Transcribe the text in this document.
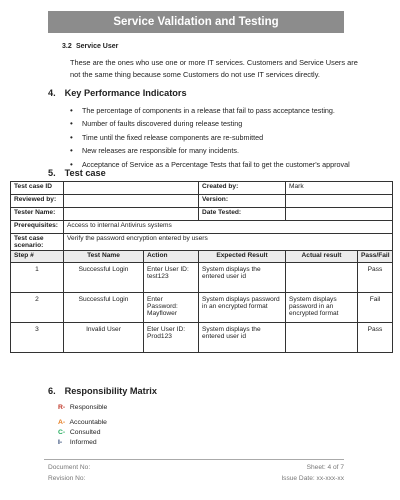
Service Validation and Testing
3.2 Service User
These are the ones who use one or more IT services. Customers and Service Users are not the same thing because some Customers do not use IT services directly.
4. Key Performance Indicators
• The percentage of components in a release that fail to pass acceptance testing.
• Number of faults discovered during release testing
• Time until the fixed release components are re-submitted
• New releases are responsible for many incidents.
• Acceptance of Service as a Percentage Tests that fail to get the customer's approval
5. Test case
Test case ID			Created by:	Mark	
Reviewed by:			Version:		
Tester Name:			Date Tested:		
Prerequisites:	Access to internal Antivirus systems				
Test case scenario:	Verify the password encryption entered by users				
Step #	Test Name	Action	Expected Result	Actual result	Pass/Fail
1	Successful Login	Enter User ID: test123	System displays the entered user id		Pass
2	Successful Login	Enter Password: Mayflower	System displays password in an encrypted format	System displays password in an encrypted format	Fail
3	Invalid User	Eter User ID: Prod123	System displays the entered user id		Pass
6. Responsibility Matrix
R- Responsible
A- Accountable
C- Consulted
I- Informed
Document No:
Revision No:
Sheet: 4 of 7
Issue Date: xx-xxx-xx
